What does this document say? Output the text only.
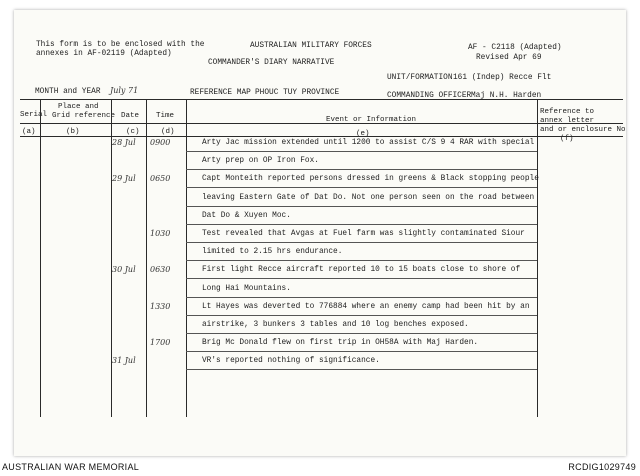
This form is to be enclosed with the
annexes in AF-02119 (Adapted)
AUSTRALIAN MILITARY FORCES
COMMANDER'S DIARY NARRATIVE
AF - C2118 (Adapted)
Revised Apr 69
UNIT/FORMATION 161 (Indep) Recce Flt
MONTH and YEAR July 71	REFERENCE MAP PHOUC TUY PROVINCE	COMMANDING OFFICER Maj N.H. Harden
Serial
Place and
Grid reference Date Time	Event or Information
Reference to
annex letter
and or enclosure No
(a)	(b)	(c)	(d)	(e)
(f)
28 Jul 0900	Arty Jac mission extended until 1200 to assist C/S 9 4 RAR with special
Arty prep on OP Iron Fox.
29 Jul 0650	Capt Monteith reported persons dressed in greens & Black stopping people
leaving Eastern Gate of Dat Do. Not one person seen on the road between
Dat Do & Xuyen Moc.
1030	Test revealed that Avgas at Fuel farm was slightly contaminated Siour
limited to 2.15 hrs endurance.
30 Jul 0630	First light Recce aircraft reported 10 to 15 boats close to shore of
Long Hai Mountains.
1330	Lt Hayes was deverted to 776884 where an enemy camp had been hit by an
airstrike, 3 bunkers 3 tables and 10 log benches exposed.
1700	Brig Mc Donald flew on first trip in OH58A with Maj Harden.
31 Jul	VR's reported nothing of significance.
AUSTRALIAN WAR MEMORIAL	RCDIG1029749
